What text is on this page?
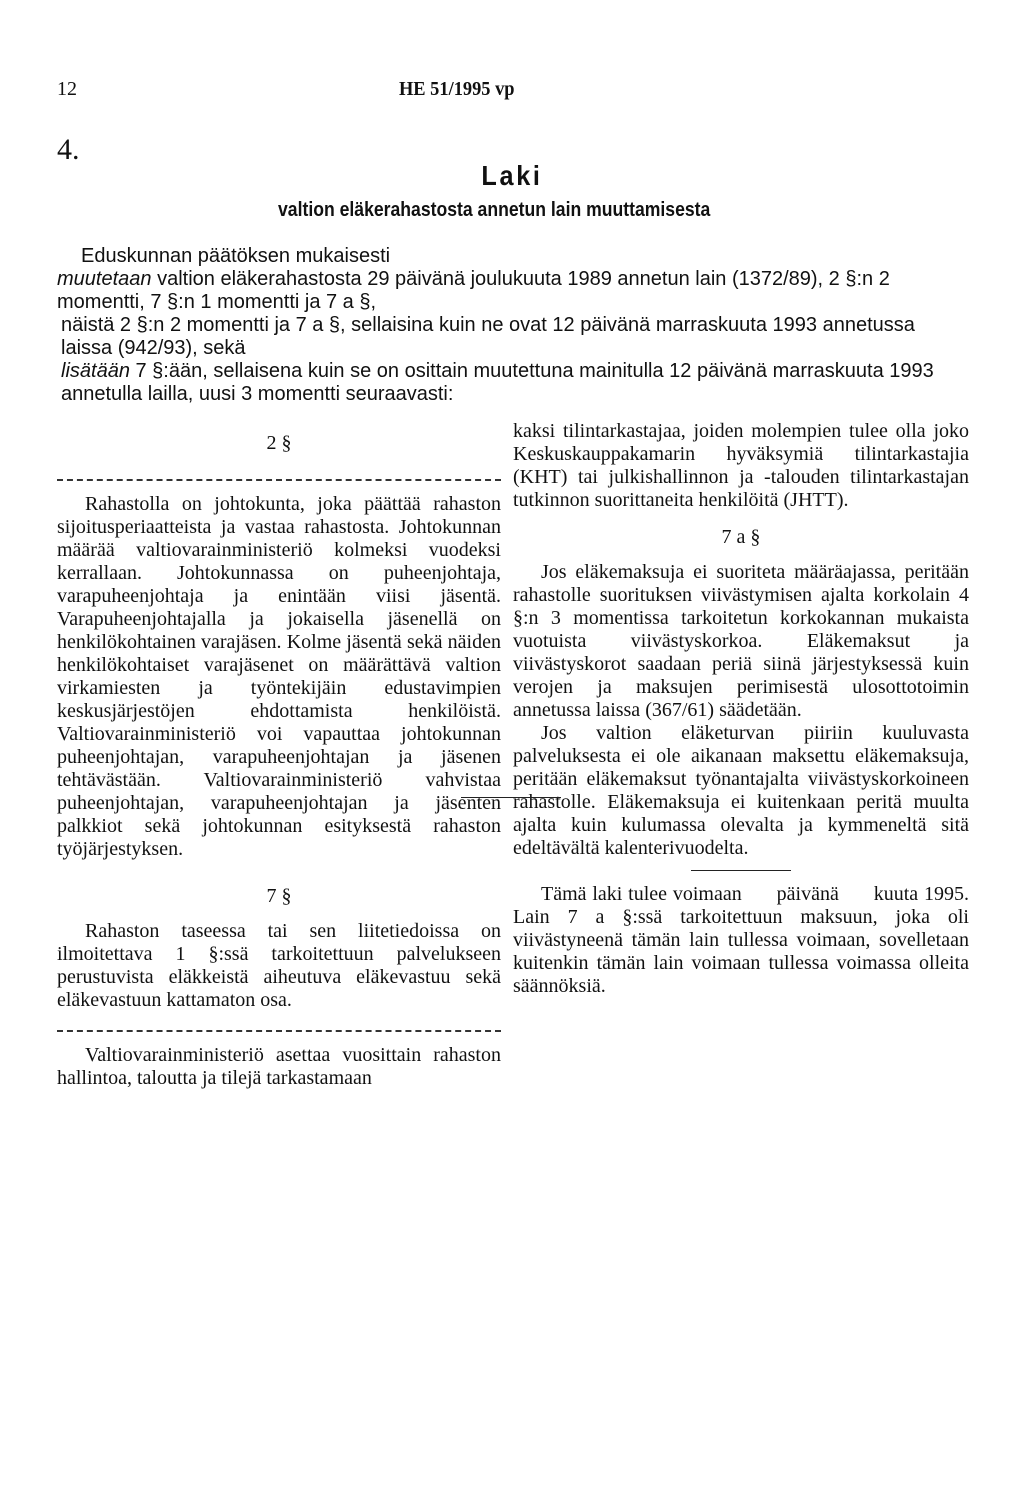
12	HE 51/1995 vp
4.
Laki
valtion eläkerahastosta annetun lain muuttamisesta

Eduskunnan päätöksen mukaisesti

muutetaan valtion eläkerahastosta 29 päivänä joulukuuta 1989 annetun lain (1372/89), 2 §:n 2 momentti, 7 §:n 1 momentti ja 7 a §,

näistä 2 §:n 2 momentti ja 7 a §, sellaisina kuin ne ovat 12 päivänä marraskuuta 1993 annetussa laissa (942/93), sekä

lisätään 7 §:ään, sellaisena kuin se on osittain muutettuna mainitulla 12 päivänä marraskuuta 1993 annetulla lailla, uusi 3 momentti seuraavasti:

2 §

Rahastolla on johtokunta, joka päättää rahaston sijoitusperiaatteista ja vastaa rahastosta. Johtokunnan määrää valtiovarainministeriö kolmeksi vuodeksi kerrallaan. Johtokunnassa on puheenjohtaja, varapuheenjohtaja ja enintään viisi jäsentä. Varapuheenjohtajalla ja jokaisella jäsenellä on henkilökohtainen varajäsen. Kolme jäsentä sekä näiden henkilökohtaiset varajäsenet on määrättävä valtion virkamiesten ja työntekijäin edustavimpien keskusjärjestöjen ehdottamista henkilöistä. Valtiovarainministeriö voi vapauttaa johtokunnan puheenjohtajan, varapuheenjohtajan ja jäsenen tehtävästään. Valtiovarainministeriö vahvistaa puheenjohtajan, varapuheenjohtajan ja jäsenten palkkiot sekä johtokunnan esityksestä rahaston työjärjestyksen.

7 §

Rahaston taseessa tai sen liitetiedoissa on ilmoitettava 1 §:ssä tarkoitettuun palvelukseen perustuvista eläkkeistä aiheutuva eläkevastuu sekä eläkevastuun kattamaton osa.

Valtiovarainministeriö asettaa vuosittain rahaston hallintoa, taloutta ja tilejä tarkastamaan

kaksi tilintarkastajaa, joiden molempien tulee olla joko Keskuskauppakamarin hyväksymiä tilintarkastajia (KHT) tai julkishallinnon ja -talouden tilintarkastajan tutkinnon suorittaneita henkilöitä (JHTT).

7 a §

Jos eläkemaksuja ei suoriteta määräajassa, peritään rahastolle suorituksen viivästymisen ajalta korkolain 4 §:n 3 momentissa tarkoitetun korkokannan mukaista vuotuista viivästyskorkoa. Eläkemaksut ja viivästyskorot saadaan periä siinä järjestyksessä kuin verojen ja maksujen perimisestä ulosottotoimin annetussa laissa (367/61) säädetään.

Jos valtion eläketurvan piiriin kuuluvasta palveluksesta ei ole aikanaan maksettu eläkemaksuja, peritään eläkemaksut työnantajalta viivästyskorkoineen rahastolle. Eläkemaksuja ei kuitenkaan peritä muulta ajalta kuin kulumassa olevalta ja kymmeneltä sitä edeltävältä kalenterivuodelta.

Tämä laki tulee voimaan      päivänä      kuuta 1995. Lain 7 a §:ssä tarkoitettuun maksuun, joka oli viivästyneenä tämän lain tullessa voimaan, sovelletaan kuitenkin tämän lain voimaan tullessa voimassa olleita säännöksiä.
